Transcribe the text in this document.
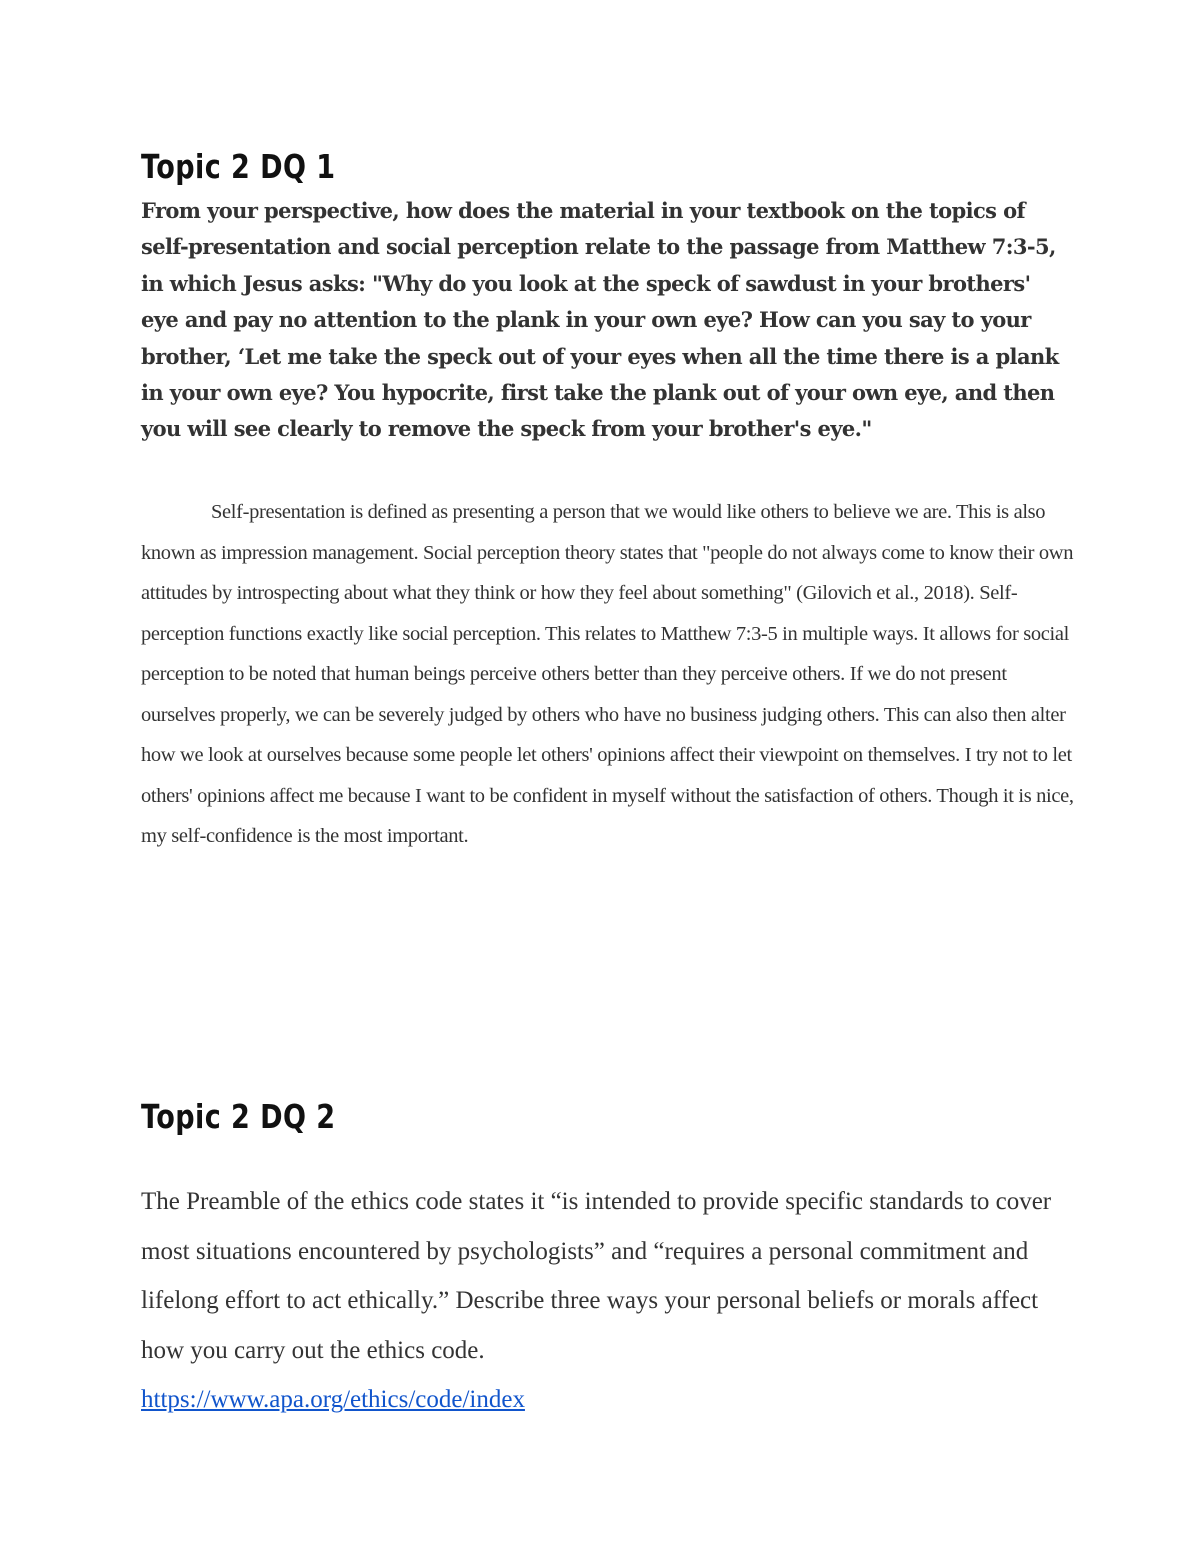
Topic 2 DQ 1

From your perspective, how does the material in your textbook on the topics of self-presentation and social perception relate to the passage from Matthew 7:3-5, in which Jesus asks: "Why do you look at the speck of sawdust in your brothers' eye and pay no attention to the plank in your own eye? How can you say to your brother, ‘Let me take the speck out of your eyes when all the time there is a plank in your own eye? You hypocrite, first take the plank out of your own eye, and then you will see clearly to remove the speck from your brother's eye."

Self-presentation is defined as presenting a person that we would like others to believe we are. This is also known as impression management. Social perception theory states that "people do not always come to know their own attitudes by introspecting about what they think or how they feel about something" (Gilovich et al., 2018). Self-perception functions exactly like social perception. This relates to Matthew 7:3-5 in multiple ways. It allows for social perception to be noted that human beings perceive others better than they perceive others. If we do not present ourselves properly, we can be severely judged by others who have no business judging others. This can also then alter how we look at ourselves because some people let others' opinions affect their viewpoint on themselves. I try not to let others' opinions affect me because I want to be confident in myself without the satisfaction of others. Though it is nice, my self-confidence is the most important.

Topic 2 DQ 2
The Preamble of the ethics code states it “is intended to provide specific standards to cover most situations encountered by psychologists” and “requires a personal commitment and lifelong effort to act ethically.” Describe three ways your personal beliefs or morals affect how you carry out the ethics code.
https://www.apa.org/ethics/code/index
